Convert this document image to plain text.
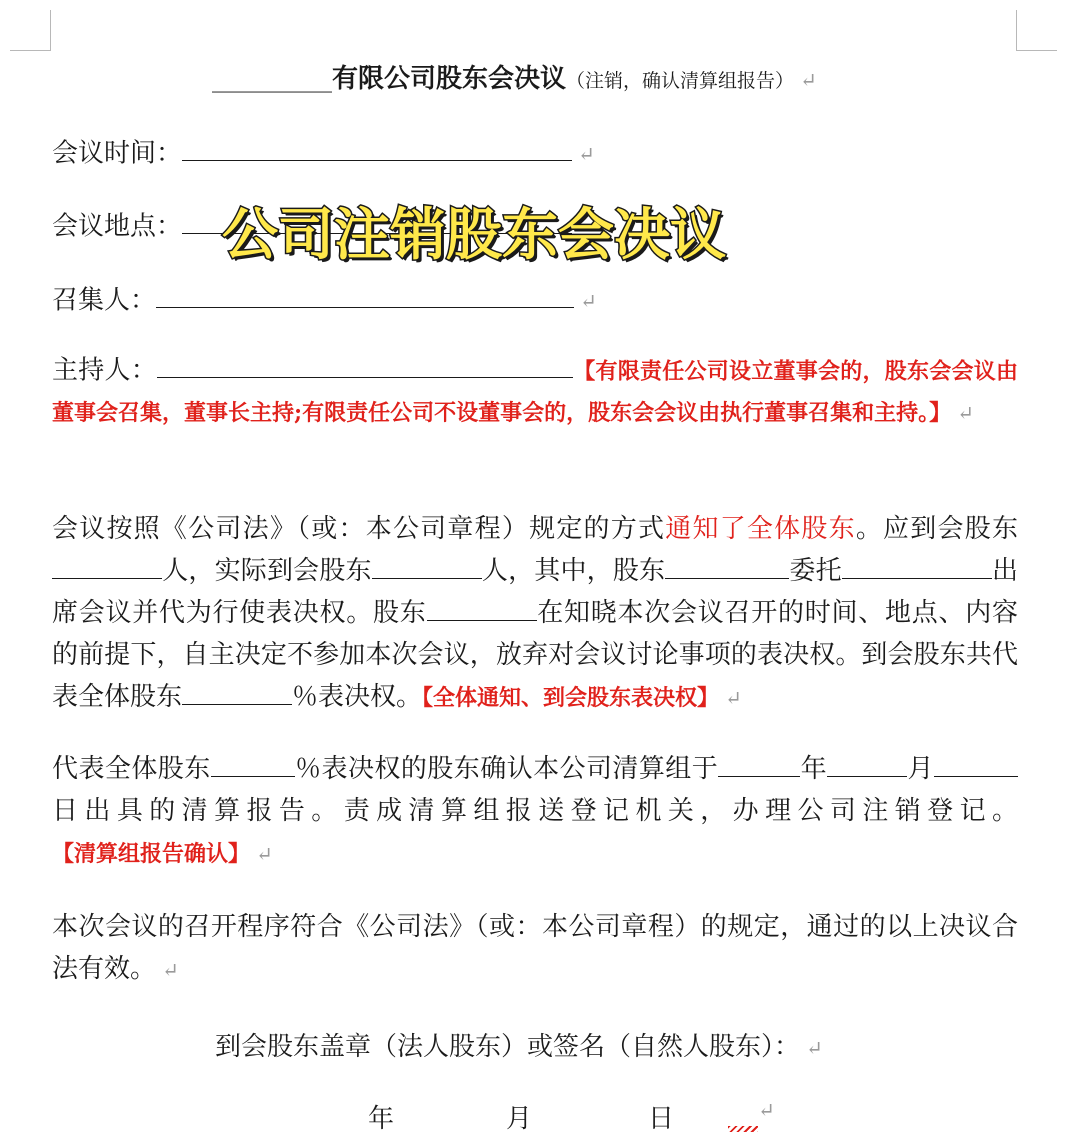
__________有限公司股东会决议（注销，确认清算组报告） ↵
会议时间：	↵
会议地点：
召集人：	↵
主持人：	【有限责任公司设立董事会的，股东会会议由董事会召集，董事长主持;有限责任公司不设董事会的，股东会会议由执行董事召集和主持。】 ↵
会议按照《公司法》（或：本公司章程）规定的方式通知了全体股东。应到会股东人，实际到会股东	人，其中，股东	委托	出席会议并代为行使表决权。股东	在知晓本次会议召开的时间、地点、内容的前提下，自主决定不参加本次会议，放弃对会议讨论事项的表决权。到会股东共代表全体股东	％表决权。【全体通知、到会股东表决权】 ↵
代表全体股东	％表决权的股东确认本公司清算组于	年	月日出具的清算报告。责成清算组报送登记机关，办理公司注销登记。【清算组报告确认】 ↵
本次会议的召开程序符合《公司法》（或：本公司章程）的规定，通过的以上决议合法有效。 ↵
到会股东盖章（法人股东）或签名（自然人股东）： ↵
年	月	日	↵
公司注销股东会决议
